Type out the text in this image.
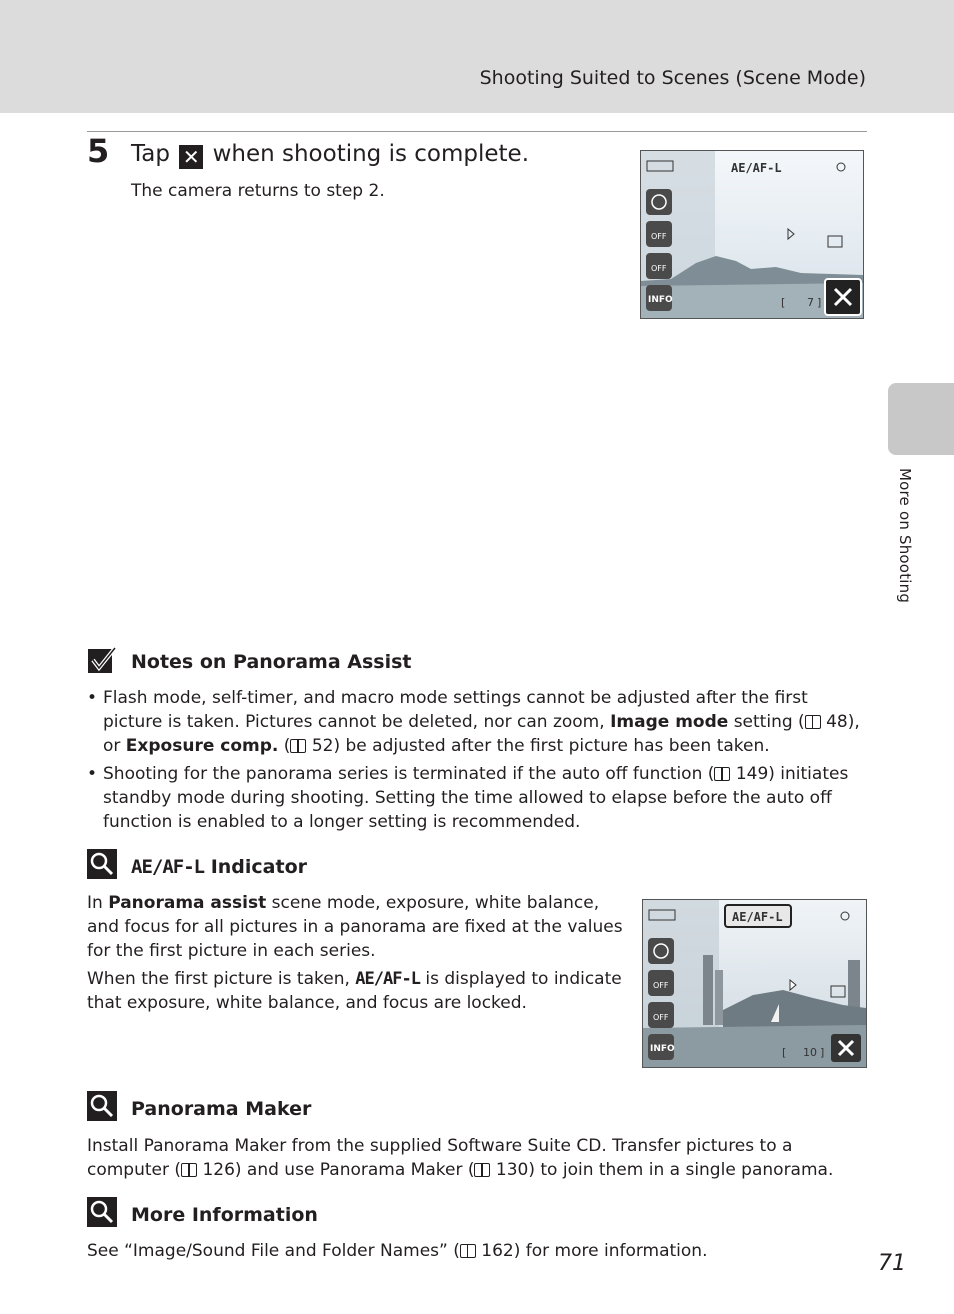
Shooting Suited to Scenes (Scene Mode)
More on Shooting
5 Tap ✕ when shooting is complete.
The camera returns to step 2.
AE/AF-L
OFF
OFF
INFO	[ 7 ]
Notes on Panorama Assist
• Flash mode, self-timer, and macro mode settings cannot be adjusted after the first picture is taken. Pictures cannot be deleted, nor can zoom, Image mode setting ( 48), or Exposure comp. ( 52) be adjusted after the first picture has been taken.
• Shooting for the panorama series is terminated if the auto off function ( 149) initiates standby mode during shooting. Setting the time allowed to elapse before the auto off function is enabled to a longer setting is recommended.
AE/AF-L Indicator
In Panorama assist scene mode, exposure, white balance, and focus for all pictures in a panorama are fixed at the values for the first picture in each series.
When the first picture is taken, AE/AF-L is displayed to indicate that exposure, white balance, and focus are locked.
AE/AF-L
OFF
OFF
INFO	[ 10 ]
Panorama Maker
Install Panorama Maker from the supplied Software Suite CD. Transfer pictures to a computer ( 126) and use Panorama Maker ( 130) to join them in a single panorama.
More Information
See “Image/Sound File and Folder Names” ( 162) for more information.	71
